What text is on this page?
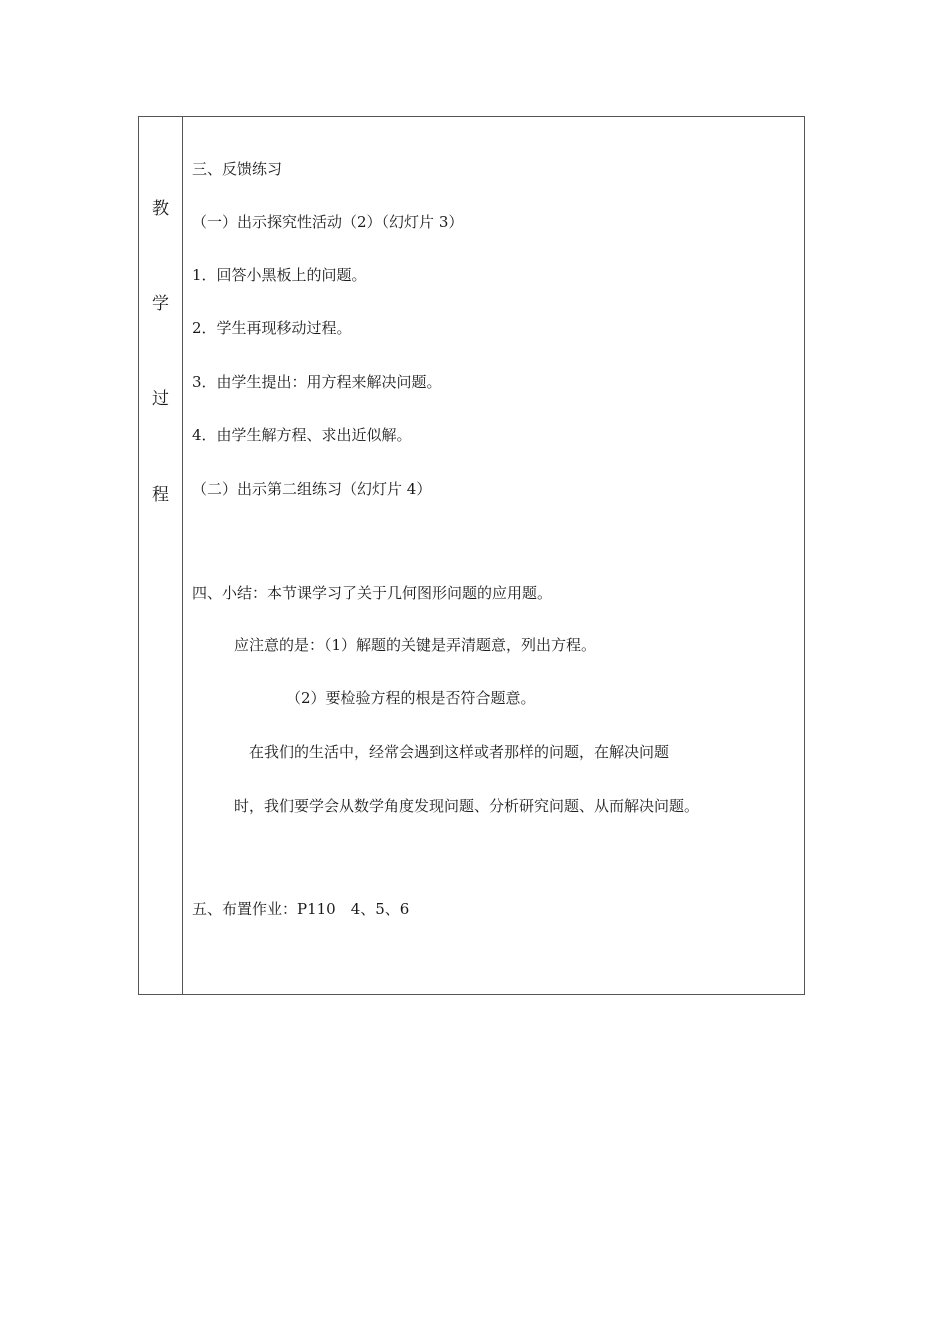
教
学
过
程
三、反馈练习
（一）出示探究性活动（2）（幻灯片 3）
1．回答小黑板上的问题。
2．学生再现移动过程。
3．由学生提出：用方程来解决问题。
4．由学生解方程、求出近似解。
（二）出示第二组练习（幻灯片 4）
四、小结：本节课学习了关于几何图形问题的应用题。
应注意的是：（1）解题的关键是弄清题意，列出方程。
（2）要检验方程的根是否符合题意。
在我们的生活中，经常会遇到这样或者那样的问题，在解决问题
时，我们要学会从数学角度发现问题、分析研究问题、从而解决问题。
五、布置作业：P110　4、5、6
